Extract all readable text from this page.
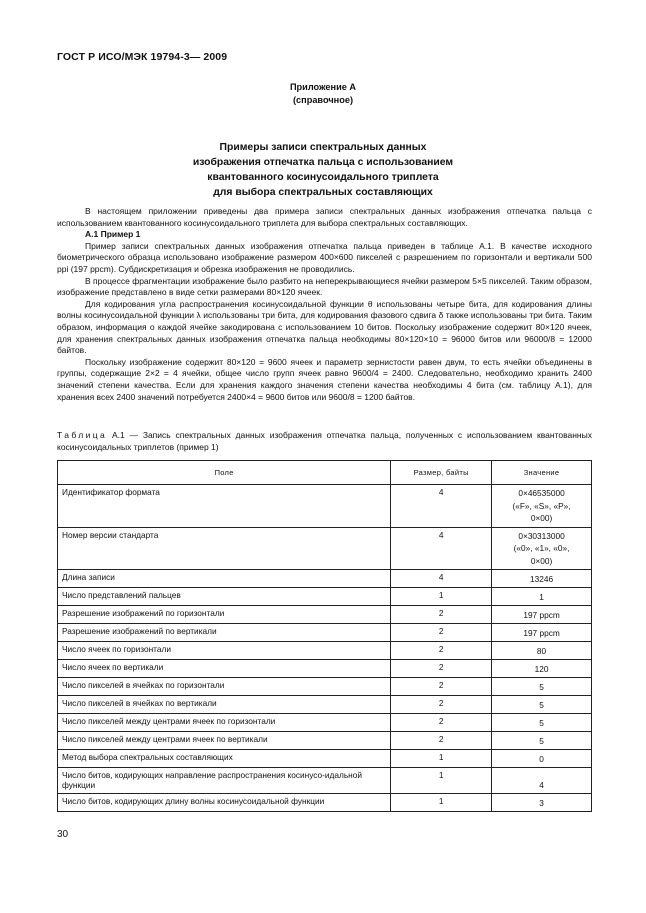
ГОСТ Р ИСО/МЭК 19794-3— 2009
Приложение А
(справочное)
Примеры записи спектральных данных
изображения отпечатка пальца с использованием
квантованного косинусоидального триплета
для выбора спектральных составляющих

В настоящем приложении приведены два примера записи спектральных данных изображения отпечатка пальца с использованием квантованного косинусоидального триплета для выбора спектральных составляющих.

А.1 Пример 1

Пример записи спектральных данных изображения отпечатка пальца приведен в таблице А.1. В качестве исходного биометрического образца использовано изображение размером 400×600 пикселей с разрешением по горизонтали и вертикали 500 ppi (197 ppcm). Субдискретизация и обрезка изображения не проводились.

В процессе фрагментации изображение было разбито на неперекрывающиеся ячейки размером 5×5 пикселей. Таким образом, изображение представлено в виде сетки размерами 80×120 ячеек.

Для кодирования угла распространения косинусоидальной функции θ использованы четыре бита, для кодирования длины волны косинусоидальной функции λ использованы три бита, для кодирования фазового сдвига δ также использованы три бита. Таким образом, информация о каждой ячейке закодирована с использованием 10 битов. Поскольку изображение содержит 80×120 ячеек, для хранения спектральных данных изображения отпечатка пальца необходимы 80×120×10 = 96000 битов или 96000/8 = 12000 байтов.

Поскольку изображение содержит 80×120 = 9600 ячеек и параметр зернистости равен двум, то есть ячейки объединены в группы, содержащие 2×2 = 4 ячейки, общее число групп ячеек равно 9600/4 = 2400. Следовательно, необходимо хранить 2400 значений степени качества. Если для хранения каждого значения степени качества необходимы 4 бита (см. таблицу А.1), для хранения всех 2400 значений потребуется 2400×4 = 9600 битов или 9600/8 = 1200 байтов.

Таблица А.1 — Запись спектральных данных изображения отпечатка пальца, полученных с использованием квантованных косинусоидальных триплетов (пример 1)
Поле	Размер, байты	Значение
Идентификатор формата	4	0×46535000
(«F», «S», «P»,
0×00)

Номер версии стандарта	4	0×30313000
(«0», «1», «0»,
0×00)

Длина записи	4	13246

Число представлений пальцев	1	1

Разрешение изображений по горизонтали	2	197 ppcm

Разрешение изображений по вертикали	2	197 ppcm

Число ячеек по горизонтали	2	80

Число ячеек по вертикали	2	120

Число пикселей в ячейках по горизонтали	2	5

Число пикселей в ячейках по вертикали	2	5

Число пикселей между центрами ячеек по горизонтали	2	5

Число пикселей между центрами ячеек по вертикали	2	5

Метод выбора спектральных составляющих	1	0

Число битов, кодирующих направление распространения косинусо-идальной функции	1	4

Число битов, кодирующих длину волны косинусоидальной функции	1	3
30
